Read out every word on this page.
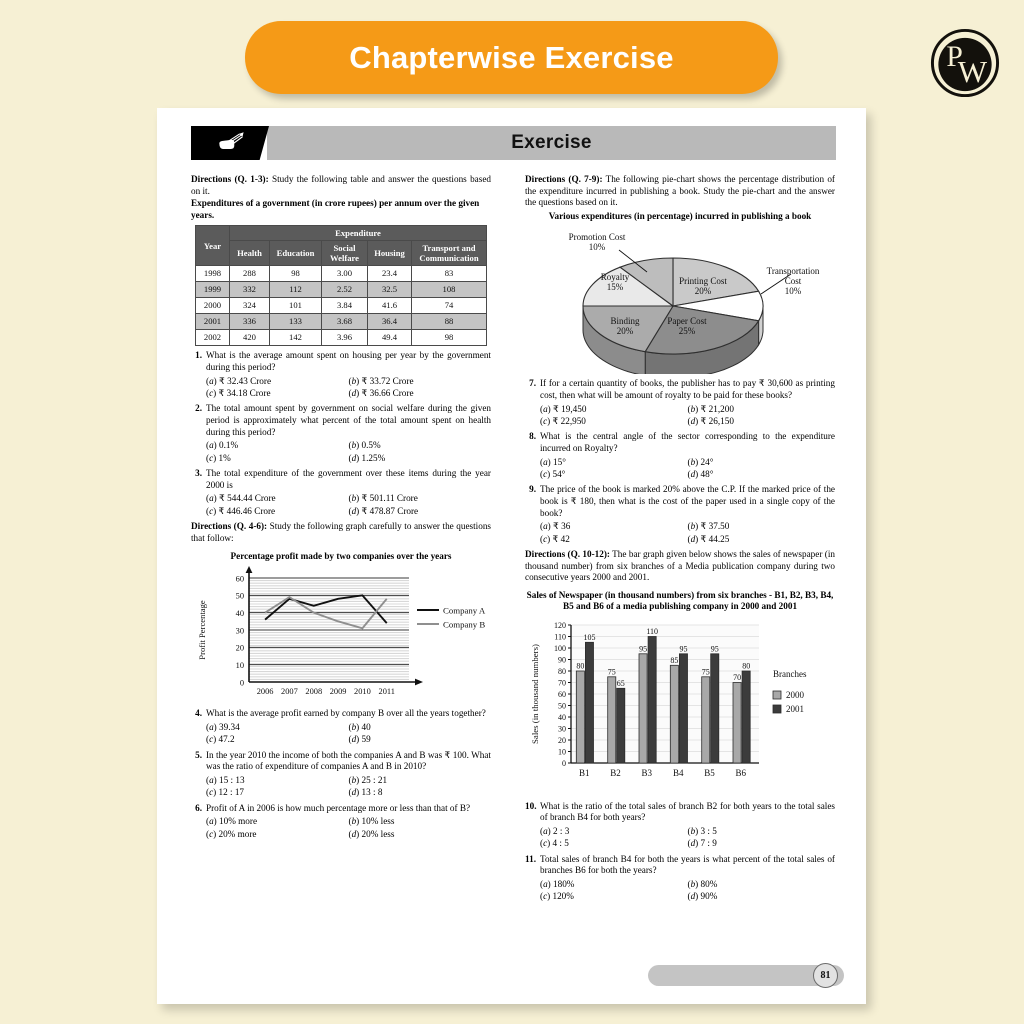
Chapterwise Exercise	P
W
Exercise
Directions (Q. 1-3): Study the following table and answer the questions based on it.
Expenditures of a government (in crore rupees) per annum over the given years.
Year	Expenditure				
	Health	Education	Social Welfare	Housing	Transport and Communication
1998	288	98	3.00	23.4	83
1999	332	112	2.52	32.5	108
2000	324	101	3.84	41.6	74
2001	336	133	3.68	36.4	88
2002	420	142	3.96	49.4	98
1. What is the average amount spent on housing per year by the government during this period?
(a) ₹ 32.43 Crore	(b) ₹ 33.72 Crore
(c) ₹ 34.18 Crore	(d) ₹ 36.66 Crore
2. The total amount spent by government on social welfare during the given period is approximately what percent of the total amount spent on health during this period?
(a) 0.1%	(b) 0.5%
(c) 1%	(d) 1.25%
3. The total expenditure of the government over these items during the year 2000 is
(a) ₹ 544.44 Crore	(b) ₹ 501.11 Crore
(c) ₹ 446.46 Crore	(d) ₹ 478.87 Crore
Directions (Q. 4-6): Study the following graph carefully to answer the questions that follow:
Percentage profit made by two companies over the years
0
10
20
30
40
50
60
2006 2007 2008 2009 2010 2011
Profit Percentage	Company A
Company B
4. What is the average profit earned by company B over all the years together?
(a) 39.34	(b) 40
(c) 47.2	(d) 59
5. In the year 2010 the income of both the companies A and B was ₹ 100. What was the ratio of expenditure of companies A and B in 2010?
(a) 15 : 13	(b) 25 : 21
(c) 12 : 17	(d) 13 : 8
6. Profit of A in 2006 is how much percentage more or less than that of B?
(a) 10% more	(b) 10% less
(c) 20% more	(d) 20% less
Directions (Q. 7-9): The following pie-chart shows the percentage distribution of the expenditure incurred in publishing a book. Study the pie-chart and the answer the questions based on it.
Various expenditures (in percentage) incurred in publishing a book
Printing Cost
20%
Paper Cost
25%
Binding
20%
Royalty
15%
Promotion Cost
10%
Transportation
Cost
10%
7. If for a certain quantity of books, the publisher has to pay ₹ 30,600 as printing cost, then what will be amount of royalty to be paid for these books?
(a) ₹ 19,450	(b) ₹ 21,200
(c) ₹ 22,950	(d) ₹ 26,150
8. What is the central angle of the sector corresponding to the expenditure incurred on Royalty?
(a) 15°	(b) 24°
(c) 54°	(d) 48°
9. The price of the book is marked 20% above the C.P. If the marked price of the book is ₹ 180, then what is the cost of the paper used in a single copy of the book?
(a) ₹ 36	(b) ₹ 37.50
(c) ₹ 42	(d) ₹ 44.25
Directions (Q. 10-12): The bar graph given below shows the sales of newspaper (in thousand number) from six branches of a Media publication company during two consecutive years 2000 and 2001.
Sales of Newspaper (in thousand numbers) from six branches - B1, B2, B3, B4, B5 and B6 of a media publishing company in 2000 and 2001
0
10
20
30
40
50
60
70
80
90
100
110
120
80
105
B1
75
65
B2
95
110
B3
85
95
B4
75
95
B5
70
80
B6
Sales (in thousand numbers)	Branches
2000
2001
10. What is the ratio of the total sales of branch B2 for both years to the total sales of branch B4 for both years?
(a) 2 : 3	(b) 3 : 5
(c) 4 : 5	(d) 7 : 9
11. Total sales of branch B4 for both the years is what percent of the total sales of branches B6 for both the years?
(a) 180%	(b) 80%
(c) 120%	(d) 90%
81
